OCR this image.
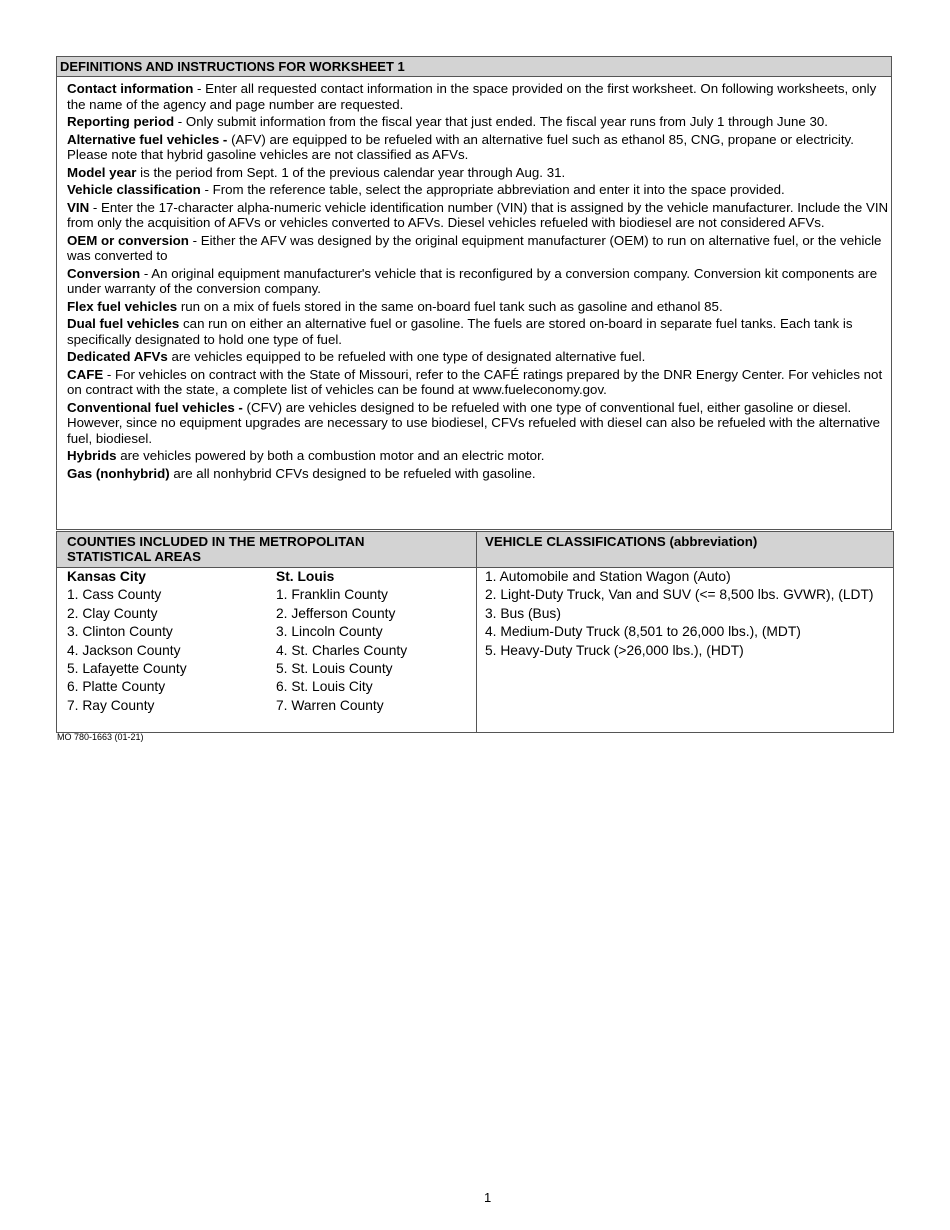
DEFINITIONS AND INSTRUCTIONS FOR WORKSHEET 1
Contact information - Enter all requested contact information in the space provided on the first worksheet. On following worksheets, only the name of the agency and page number are requested.
Reporting period - Only submit information from the fiscal year that just ended. The fiscal year runs from July 1 through June 30.
Alternative fuel vehicles - (AFV) are equipped to be refueled with an alternative fuel such as ethanol 85, CNG, propane or electricity. Please note that hybrid gasoline vehicles are not classified as AFVs.
Model year is the period from Sept. 1 of the previous calendar year through Aug. 31.
Vehicle classification - From the reference table, select the appropriate abbreviation and enter it into the space provided.
VIN - Enter the 17-character alpha-numeric vehicle identification number (VIN) that is assigned by the vehicle manufacturer. Include the VIN from only the acquisition of AFVs or vehicles converted to AFVs. Diesel vehicles refueled with biodiesel are not considered AFVs.
OEM or conversion - Either the AFV was designed by the original equipment manufacturer (OEM) to run on alternative fuel, or the vehicle was converted to
Conversion - An original equipment manufacturer's vehicle that is reconfigured by a conversion company. Conversion kit components are under warranty of the conversion company.
Flex fuel vehicles run on a mix of fuels stored in the same on-board fuel tank such as gasoline and ethanol 85.
Dual fuel vehicles can run on either an alternative fuel or gasoline. The fuels are stored on-board in separate fuel tanks. Each tank is specifically designated to hold one type of fuel.
Dedicated AFVs are vehicles equipped to be refueled with one type of designated alternative fuel.
CAFE - For vehicles on contract with the State of Missouri, refer to the CAFÉ ratings prepared by the DNR Energy Center. For vehicles not on contract with the state, a complete list of vehicles can be found at www.fueleconomy.gov.
Conventional fuel vehicles - (CFV) are vehicles designed to be refueled with one type of conventional fuel, either gasoline or diesel. However, since no equipment upgrades are necessary to use biodiesel, CFVs refueled with diesel can also be refueled with the alternative fuel, biodiesel.
Hybrids are vehicles powered by both a combustion motor and an electric motor.
Gas (nonhybrid) are all nonhybrid CFVs designed to be refueled with gasoline.
COUNTIES INCLUDED IN THE METROPOLITAN STATISTICAL AREAS
VEHICLE CLASSIFICATIONS (abbreviation)
Kansas City
1. Cass County
2. Clay County
3. Clinton County
4. Jackson County
5. Lafayette County
6. Platte County
7. Ray County
St. Louis
1. Franklin County
2. Jefferson County
3. Lincoln County
4. St. Charles County
5. St. Louis County
6. St. Louis City
7. Warren County
1. Automobile and Station Wagon (Auto)
2. Light-Duty Truck, Van and SUV (<= 8,500 lbs. GVWR), (LDT)
3. Bus (Bus)
4. Medium-Duty Truck (8,501 to 26,000 lbs.), (MDT)
5. Heavy-Duty Truck (>26,000 lbs.), (HDT)
MO 780-1663 (01-21)
1
